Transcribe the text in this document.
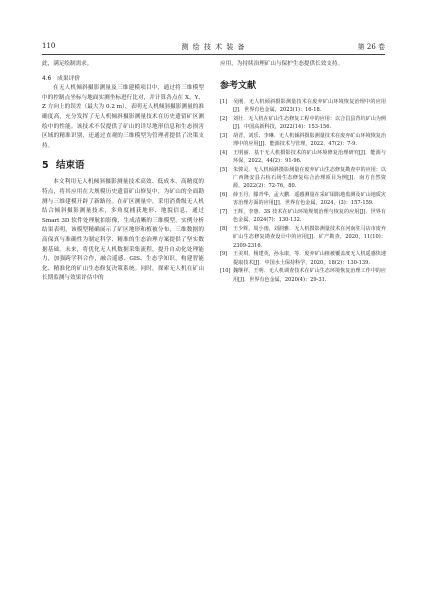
110	测 绘 技 术 装 备	第 26 卷

此，满足绘制需求。

4.6　成果评价

在无人机倾斜摄影测量及三维建模项目中，通过将三维模型中的控制点坐标与地面实测坐标进行比对，并计算各点在 X、Y、Z 方向上的误差（最大为 0.2 m），表明无人机倾斜摄影测量的准确度高，充分发挥了无人机倾斜摄影测量技术在历史遗留矿区测绘中的性能。该技术不仅提供了矿山的详尽地形信息和生态损害区域的精准识别，还通过直观的三维模型为管理者提供了决策支持。

5 结束语

本文利用无人机倾斜摄影测量技术高效、低成本、高精度的特点，将其应用在大规模历史遗留矿山修复中，为矿山的全面勘测与三维建模开辟了新路径。在矿区测量中，采用消费级无人机结合倾斜摄影测量技术，多角度捕获地形、地貌信息，通过 Smart 3D 软件处理航拍影像，生成清晰的三维模型。实例分析结果表明，该模型精确展示了矿区地形和植被分布，三维数据的高保真与准确性为制定科学、精准的生态治理方案提供了坚实数据基础。未来，将优化无人机数据采集流程，提升自动化处理能力，加强跨学科合作，融合遥感、GIS、生态学知识，构建智能化、精准化的矿山生态修复决策系统。同时，探索无人机在矿山长期监测与效果评估中的

应用，为持续治理矿山与保护生态提供长效支持。

参考文献
[1] 吴刚．无人机倾斜摄影测量技术在废弃矿山环境恢复治理中的应用[J]．世界有色金属，2023(1)：16-18.
[2] 刘壮．无人机在矿山生态修复工程中的应用：以合昌县背坑矿山为例[J]．中国高新科技，2022(14)：153-156.
[3] 胡晋，刘乐，李琳．无人机倾斜摄影测量技术在废弃矿山环境恢复治理中的应用[J]．能源技术与管理，2022，47(2)：7-9.
[4] 王明丽．基于无人机摄影技术的矿山环境修复治理研究[J]．能源与环保，2022，44(2)：91-96.
[5] 朱骏灵．无人机倾斜摄影测量在废弃矿山生态修复勘查中的应用：以广西隆安县古杭石场生态修复综合治理项目为例[J]．南方自然资源，2022(2)：72-76，80.
[6] 薛玉丹，滕青华，孟大鹏．遥感测量在采矿塌陷地监测及矿山地质灾害治理方面的应用[J]．世界有色金属，2024，(3)：157-159.
[7] 王辉，李惠．3S 技术在矿山环境规划治理与恢复的应用[J]．世界有色金属，2024(7)：130-132.
[8] 王少辉，周小雨，刘润雅．无人机摄影测量技术在河南驻马店市废弃矿山生态修复勘查设计中的应用[J]．矿产勘查，2020，11(10)：2309-2316.
[9] 王美琪，杨建英，孙永康，等．废弃矿山植被覆盖度无人机遥感快速提取技术[J]．中国水土保持科学，2020，18(2)：130-139.
[10] 魏继祥，王明．无人机调查技术在矿山生态环境恢复治理工作中的应用[J]．世界有色金属，2020(4)：29-31.
